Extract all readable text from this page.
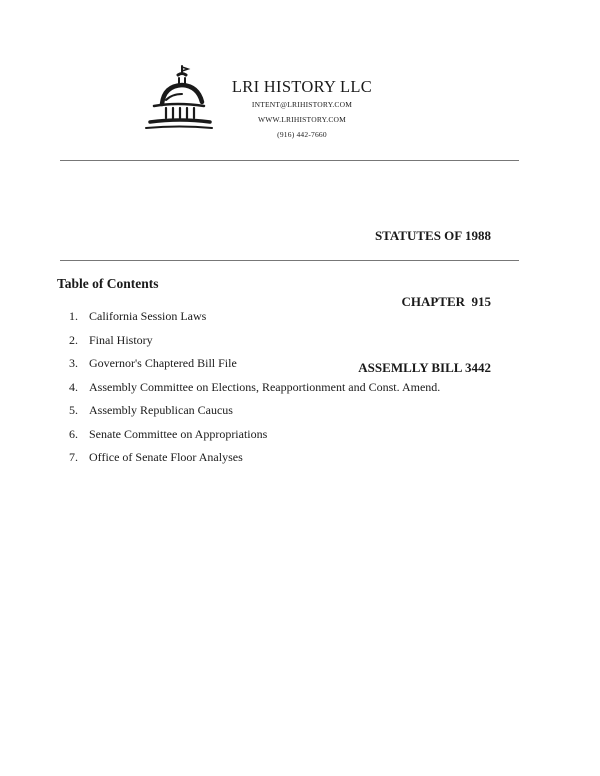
LRI HISTORY LLC
INTENT@LRIHISTORY.COM
WWW.LRIHISTORY.COM
(916) 442-7660

STATUTES OF 1988

CHAPTER  915

ASSEMLLY BILL 3442

Table of Contents
1. California Session Laws
2. Final History
3. Governor's Chaptered Bill File
4. Assembly Committee on Elections, Reapportionment and Const. Amend.
5. Assembly Republican Caucus
6. Senate Committee on Appropriations
7. Office of Senate Floor Analyses
